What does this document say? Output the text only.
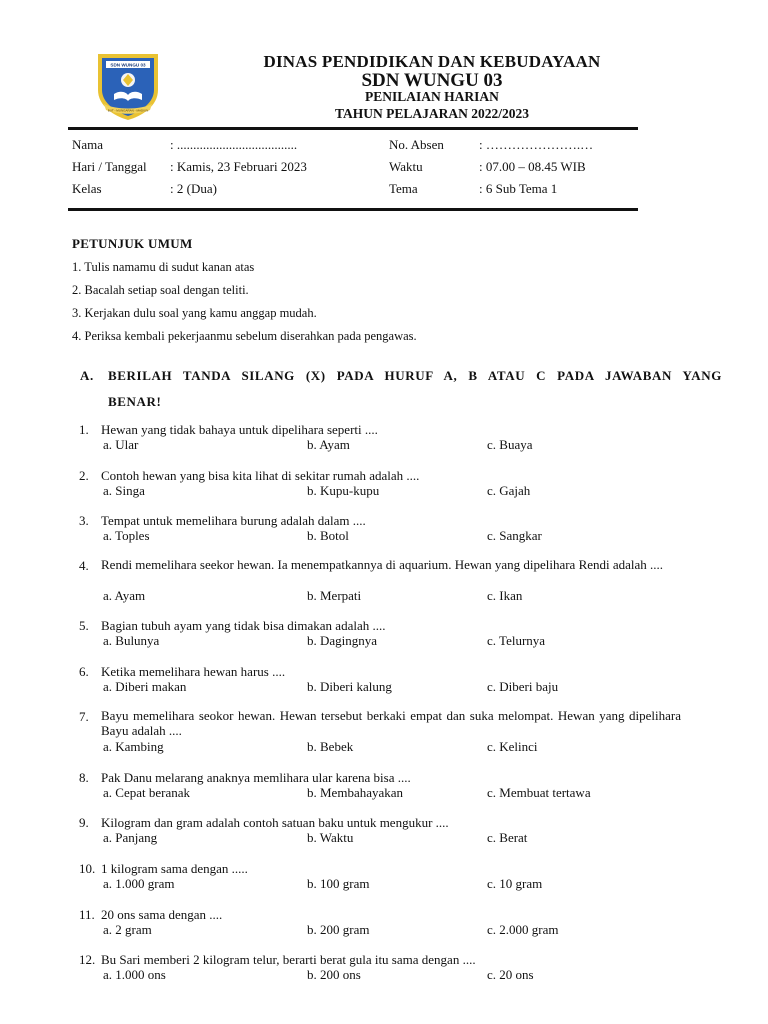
SDN WUNGU 03
BUT - MUNGARAN - MADIUN
DINAS PENDIDIKAN DAN KEBUDAYAAN
SDN WUNGU 03
PENILAIAN HARIAN
TAHUN PELAJARAN 2022/2023
Nama	: .....................................	No. Absen	: ………………….…
Hari / Tanggal : Kamis, 23 Februari 2023	Waktu	: 07.00 – 08.45 WIB
Kelas	: 2 (Dua)	Tema	: 6 Sub Tema 1
PETUNJUK UMUM
1. Tulis namamu di sudut kanan atas
2. Bacalah setiap soal dengan teliti.
3. Kerjakan dulu soal yang kamu anggap mudah.
4. Periksa kembali pekerjaanmu sebelum diserahkan pada pengawas.
A. BERILAH TANDA SILANG (X) PADA HURUF A, B ATAU C PADA JAWABAN YANG
BENAR!
1. Hewan yang tidak bahaya untuk dipelihara seperti ....
a. Ular	b. Ayam	c. Buaya
2. Contoh hewan yang bisa kita lihat di sekitar rumah adalah ....
a. Singa	b. Kupu-kupu	c. Gajah
3. Tempat untuk memelihara burung adalah dalam ....
a. Toples	b. Botol	c. Sangkar
4. Rendi memelihara seekor hewan. Ia menempatkannya di aquarium. Hewan yang dipelihara Rendi adalah ....
a. Ayam	b. Merpati	c. Ikan
5. Bagian tubuh ayam yang tidak bisa dimakan adalah ....
a. Bulunya	b. Dagingnya	c. Telurnya
6. Ketika memelihara hewan harus ....
a. Diberi makan	b. Diberi kalung	c. Diberi baju
7. Bayu memelihara seokor hewan. Hewan tersebut berkaki empat dan suka melompat. Hewan yang dipelihara Bayu adalah ....
a. Kambing	b. Bebek	c. Kelinci
8. Pak Danu melarang anaknya memlihara ular karena bisa ....
a. Cepat beranak	b. Membahayakan	c. Membuat tertawa
9. Kilogram dan gram adalah contoh satuan baku untuk mengukur ....
a. Panjang	b. Waktu	c. Berat
10. 1 kilogram sama dengan .....
a. 1.000 gram	b. 100 gram	c. 10 gram
11. 20 ons sama dengan ....
a. 2 gram	b. 200 gram	c. 2.000 gram
12. Bu Sari memberi 2 kilogram telur, berarti berat gula itu sama dengan ....
a. 1.000 ons	b. 200 ons	c. 20 ons
